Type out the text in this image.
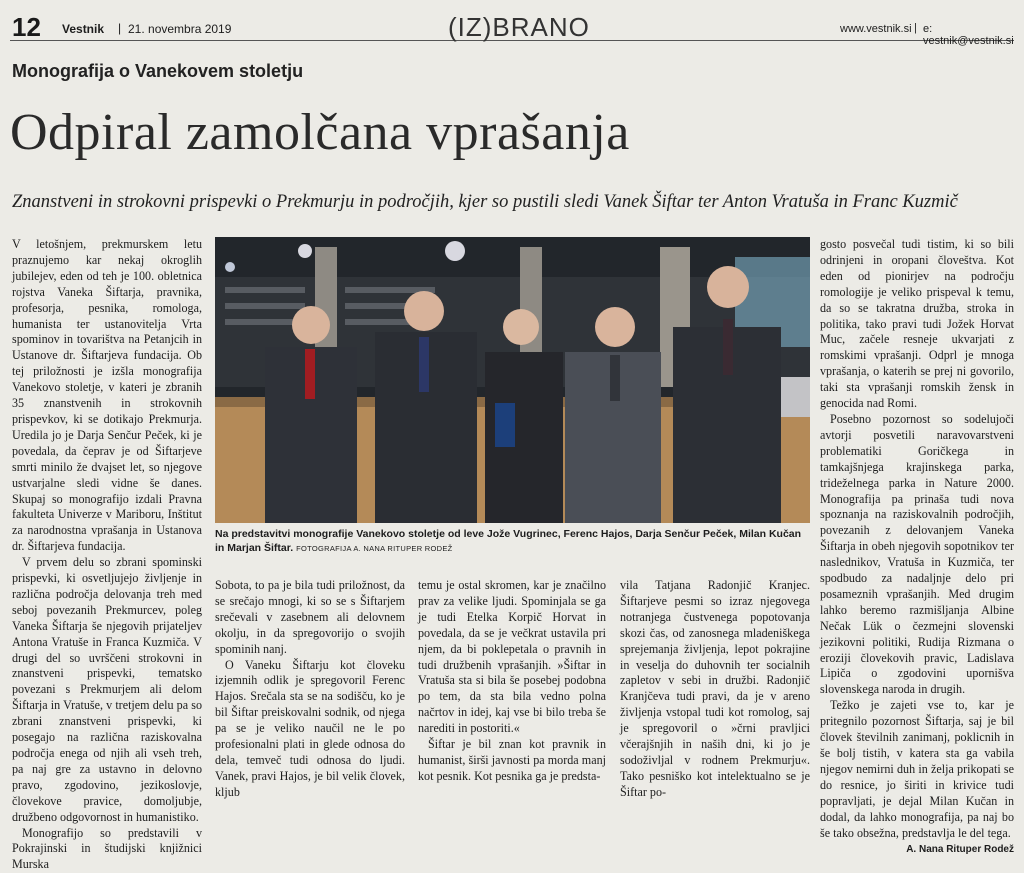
12 Vestnik | 21. novembra 2019	(IZ)BRANO	www.vestnik.si | e: vestnik@vestnik.si
Monografija o Vanekovem stoletju
Odpiral zamolčana vprašanja
Znanstveni in strokovni prispevki o Prekmurju in področjih, kjer so pustili sledi Vanek Šiftar ter Anton Vratuša in Franc Kuzmič

V letošnjem, prekmurskem letu praznujemo kar nekaj okroglih jubilejev, eden od teh je 100. obletnica rojstva Vaneka Šiftarja, pravnika, profesorja, pesnika, romologa, humanista ter ustanovitelja Vrta spominov in tovarištva na Petanjcih in Ustanove dr. Šiftarjeva fundacija. Ob tej priložnosti je izšla monografija Vanekovo stoletje, v kateri je zbranih 35 znanstvenih in strokovnih prispevkov, ki se dotikajo Prekmurja. Uredila jo je Darja Senčur Peček, ki je povedala, da čeprav je od Šiftarjeve smrti minilo že dvajset let, so njegove ustvarjalne sledi vidne še danes. Skupaj so monografijo izdali Pravna fakulteta Univerze v Mariboru, Inštitut za narodnostna vprašanja in Ustanova dr. Šiftarjeva fundacija.

V prvem delu so zbrani spominski prispevki, ki osvetljujejo življenje in različna področja delovanja treh med seboj povezanih Prekmurcev, poleg Vaneka Šiftarja še njegovih prijateljev Antona Vratuše in Franca Kuzmiča. V drugi del so uvrščeni strokovni in znanstveni prispevki, tematsko povezani s Prekmurjem ali delom Šiftarja in Vratuše, v tretjem delu pa so zbrani znanstveni prispevki, ki posegajo na različna raziskovalna področja enega od njih ali vseh treh, pa naj gre za ustavno in delovno pravo, zgodovino, jezikoslovje, človekove pravice, domoljubje, družbeno odgovornost in humanistiko.

Monografijo so predstavili v Pokrajinski in študijski knjižnici Murska

Na predstavitvi monografije Vanekovo stoletje od leve Jože Vugrinec, Ferenc Hajos, Darja Senčur Peček, Milan Kučan in Marjan Šiftar. FOTOGRAFIJA A. NANA RITUPER RODEŽ

Sobota, to pa je bila tudi priložnost, da se srečajo mnogi, ki so se s Šiftarjem srečevali v zasebnem ali delovnem okolju, in da spregovorijo o svojih spominih nanj.

O Vaneku Šiftarju kot človeku izjemnih odlik je spregovoril Ferenc Hajos. Srečala sta se na sodišču, ko je bil Šiftar preiskovalni sodnik, od njega pa se je veliko naučil ne le po profesionalni plati in glede odnosa do dela, temveč tudi odnosa do ljudi. Vanek, pravi Hajos, je bil velik človek, kljub

temu je ostal skromen, kar je značilno prav za velike ljudi. Spominjala se ga je tudi Etelka Korpič Horvat in povedala, da se je večkrat ustavila pri njem, da bi poklepetala o pravnih in tudi družbenih vprašanjih. »Šiftar in Vratuša sta si bila še posebej podobna po tem, da sta bila vedno polna načrtov in idej, kaj vse bi bilo treba še narediti in postoriti.«

Šiftar je bil znan kot pravnik in humanist, širši javnosti pa morda manj kot pesnik. Kot pesnika ga je predsta-

vila Tatjana Radonjič Kranjec. Šiftarjeve pesmi so izraz njegovega notranjega čustvenega popotovanja skozi čas, od zanosnega mladeniškega sprejemanja življenja, lepot pokrajine in veselja do duhovnih ter socialnih zapletov v sebi in družbi. Radonjič Kranjčeva tudi pravi, da je v areno življenja vstopal tudi kot romolog, saj je spregovoril o »črni pravljici včerajšnjih in naših dni, ki jo je sodoživljal v rodnem Prekmurju«. Tako pesniško kot intelektualno se je Šiftar po-

gosto posvečal tudi tistim, ki so bili odrinjeni in oropani človeštva. Kot eden od pionirjev na področju romologije je veliko prispeval k temu, da so se takratna družba, stroka in politika, tako pravi tudi Jožek Horvat Muc, začele resneje ukvarjati z romskimi vprašanji. Odprl je mnoga vprašanja, o katerih se prej ni govorilo, taki sta vprašanji romskih žensk in genocida nad Romi.

Posebno pozornost so sodelujoči avtorji posvetili naravovarstveni problematiki Goričkega in tamkajšnjega krajinskega parka, trideželnega parka in Nature 2000. Monografija pa prinaša tudi nova spoznanja na raziskovalnih področjih, povezanih z delovanjem Vaneka Šiftarja in obeh njegovih sopotnikov ter naslednikov, Vratuša in Kuzmiča, ter spodbudo za nadaljnje delo pri posameznih vprašanjih. Med drugim lahko beremo razmišljanja Albine Nečak Lük o čezmejni slovenski jezikovni politiki, Rudija Rizmana o eroziji človekovih pravic, Ladislava Lipiča o zgodovini upornišva slovenskega naroda in drugih.

Težko je zajeti vse to, kar je pritegnilo pozornost Šiftarja, saj je bil človek številnih zanimanj, poklicnih in še bolj tistih, v katera sta ga vabila njegov nemirni duh in želja prikopati se do resnice, jo širiti in krivice tudi popravljati, je dejal Milan Kučan in dodal, da lahko monografija, pa naj bo še tako obsežna, predstavlja le del tega.

A. Nana Rituper Rodež
